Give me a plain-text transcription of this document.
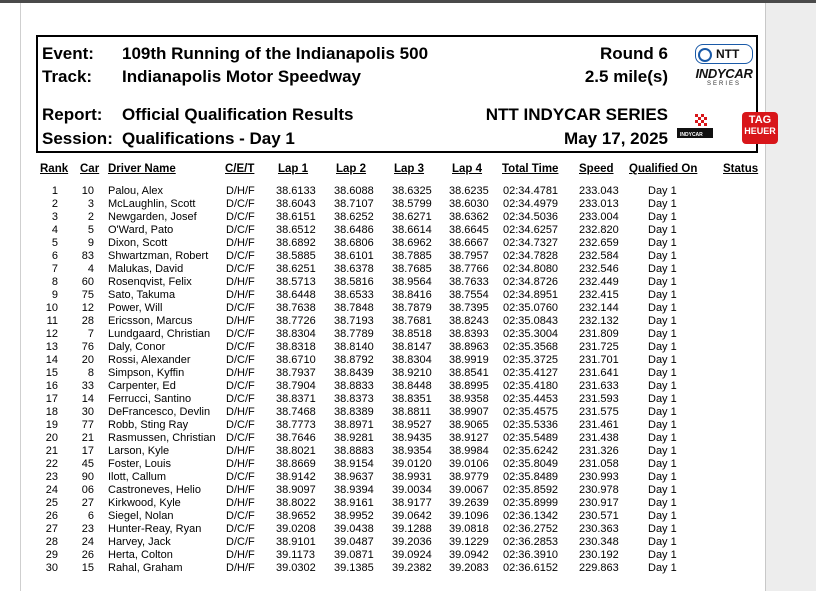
Event: 109th Running of the Indianapolis 500
Track: Indianapolis Motor Speedway
Report: Official Qualification Results
Session: Qualifications - Day 1
Round 6
2.5 mile(s)
NTT INDYCAR SERIES
May 17, 2025
NTT
INDYCAR
SERIES
INDYCAR
TAG
HEUER
Rank Car Driver Name	C/E/T Lap 1 Lap 2 Lap 3 Lap 4 Total Time Speed Qualified On Status
1	10 Palou, Alex	D/H/F	38.6133	38.6088	38.6325	38.6235	02:34.4781	233.043	Day 1
2	3 McLaughlin, Scott	D/C/F	38.6043	38.7107	38.5799	38.6030	02:34.4979	233.013	Day 1
3	2 Newgarden, Josef	D/C/F	38.6151	38.6252	38.6271	38.6362	02:34.5036	233.004	Day 1
4	5 O'Ward, Pato	D/C/F	38.6512	38.6486	38.6614	38.6645	02:34.6257	232.820	Day 1
5	9 Dixon, Scott	D/H/F	38.6892	38.6806	38.6962	38.6667	02:34.7327	232.659	Day 1
6	83 Shwartzman, Robert	D/C/F	38.5885	38.6101	38.7885	38.7957	02:34.7828	232.584	Day 1
7	4 Malukas, David	D/C/F	38.6251	38.6378	38.7685	38.7766	02:34.8080	232.546	Day 1
8	60 Rosenqvist, Felix	D/H/F	38.5713	38.5816	38.9564	38.7633	02:34.8726	232.449	Day 1
9	75 Sato, Takuma	D/H/F	38.6448	38.6533	38.8416	38.7554	02:34.8951	232.415	Day 1
10	12 Power, Will	D/C/F	38.7638	38.7848	38.7879	38.7395	02:35.0760	232.144	Day 1
11	28 Ericsson, Marcus	D/H/F	38.7726	38.7193	38.7681	38.8243	02:35.0843	232.132	Day 1
12	7 Lundgaard, Christian	D/C/F	38.8304	38.7789	38.8518	38.8393	02:35.3004	231.809	Day 1
13	76 Daly, Conor	D/C/F	38.8318	38.8140	38.8147	38.8963	02:35.3568	231.725	Day 1
14	20 Rossi, Alexander	D/C/F	38.6710	38.8792	38.8304	38.9919	02:35.3725	231.701	Day 1
15	8 Simpson, Kyffin	D/H/F	38.7937	38.8439	38.9210	38.8541	02:35.4127	231.641	Day 1
16	33 Carpenter, Ed	D/C/F	38.7904	38.8833	38.8448	38.8995	02:35.4180	231.633	Day 1
17	14 Ferrucci, Santino	D/C/F	38.8371	38.8373	38.8351	38.9358	02:35.4453	231.593	Day 1
18	30 DeFrancesco, Devlin	D/H/F	38.7468	38.8389	38.8811	38.9907	02:35.4575	231.575	Day 1
19	77 Robb, Sting Ray	D/C/F	38.7773	38.8971	38.9527	38.9065	02:35.5336	231.461	Day 1
20	21 Rasmussen, Christian D/C/F	38.7646	38.9281	38.9435	38.9127	02:35.5489	231.438	Day 1
21	17 Larson, Kyle	D/H/F	38.8021	38.8883	38.9354	38.9984	02:35.6242	231.326	Day 1
22	45 Foster, Louis	D/H/F	38.8669	38.9154	39.0120	39.0106	02:35.8049	231.058	Day 1
23	90 Ilott, Callum	D/C/F	38.9142	38.9637	38.9931	38.9779	02:35.8489	230.993	Day 1
24	06 Castroneves, Helio	D/H/F	38.9097	38.9394	39.0034	39.0067	02:35.8592	230.978	Day 1
25	27 Kirkwood, Kyle	D/H/F	38.8022	38.9161	38.9177	39.2639	02:35.8999	230.917	Day 1
26	6 Siegel, Nolan	D/C/F	38.9652	38.9952	39.0642	39.1096	02:36.1342	230.571	Day 1
27	23 Hunter-Reay, Ryan	D/C/F	39.0208	39.0438	39.1288	39.0818	02:36.2752	230.363	Day 1
28	24 Harvey, Jack	D/C/F	38.9101	39.0487	39.2036	39.1229	02:36.2853	230.348	Day 1
29	26 Herta, Colton	D/H/F	39.1173	39.0871	39.0924	39.0942	02:36.3910	230.192	Day 1
30	15 Rahal, Graham	D/H/F	39.0302	39.1385	39.2382	39.2083	02:36.6152	229.863	Day 1
